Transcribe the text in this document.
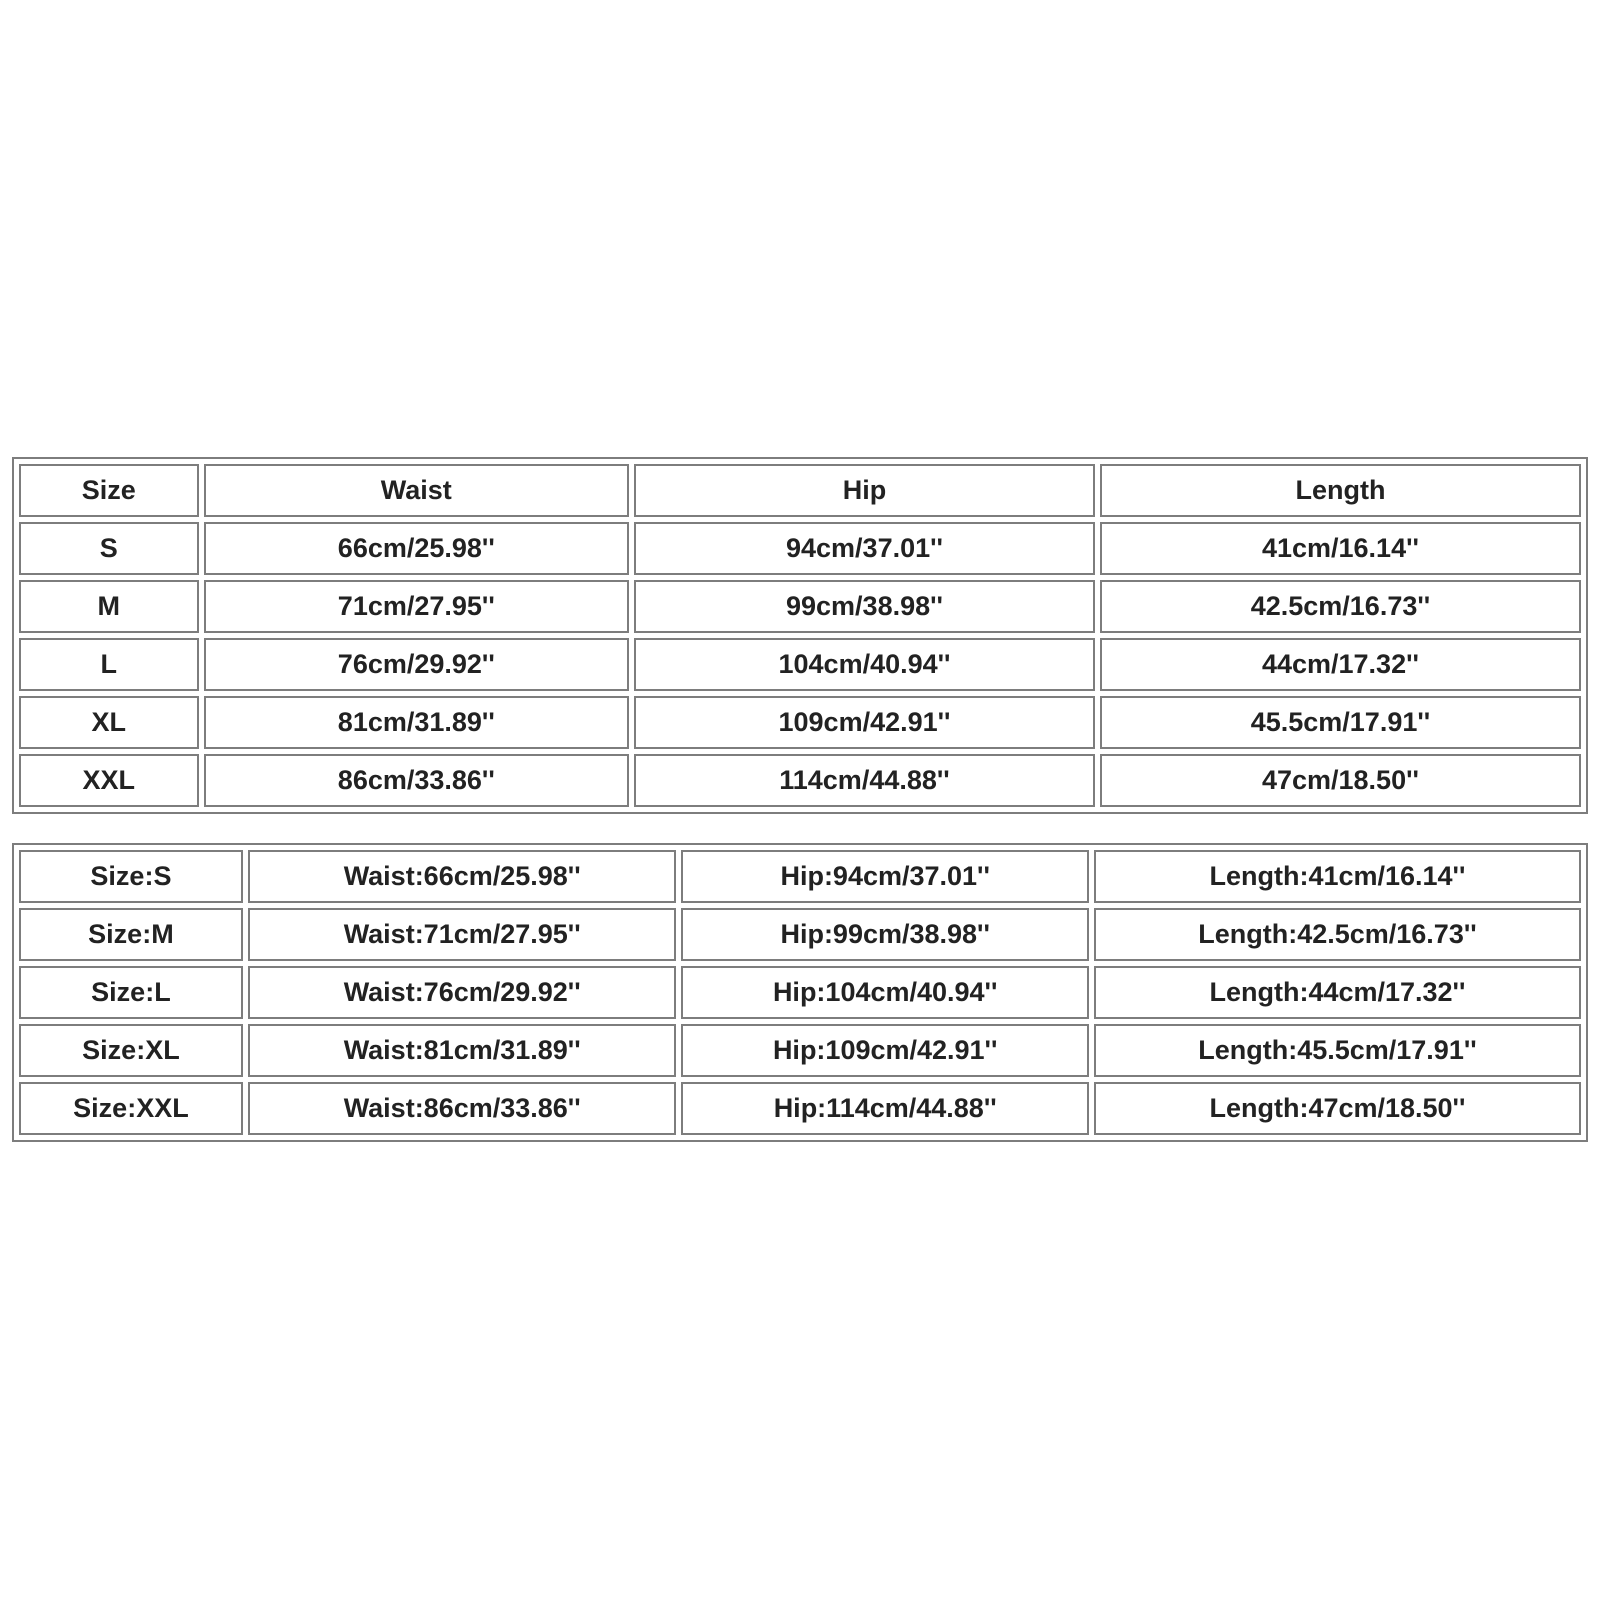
Size	Waist	Hip	Length
S	66cm/25.98''	94cm/37.01''	41cm/16.14''
M	71cm/27.95''	99cm/38.98''	42.5cm/16.73''
L	76cm/29.92''	104cm/40.94''	44cm/17.32''
XL	81cm/31.89''	109cm/42.91''	45.5cm/17.91''
XXL	86cm/33.86''	114cm/44.88''	47cm/18.50''
Size:S	Waist:66cm/25.98''	Hip:94cm/37.01''	Length:41cm/16.14''
Size:M	Waist:71cm/27.95''	Hip:99cm/38.98''	Length:42.5cm/16.73''
Size:L	Waist:76cm/29.92''	Hip:104cm/40.94''	Length:44cm/17.32''
Size:XL	Waist:81cm/31.89''	Hip:109cm/42.91''	Length:45.5cm/17.91''
Size:XXL	Waist:86cm/33.86''	Hip:114cm/44.88''	Length:47cm/18.50''
